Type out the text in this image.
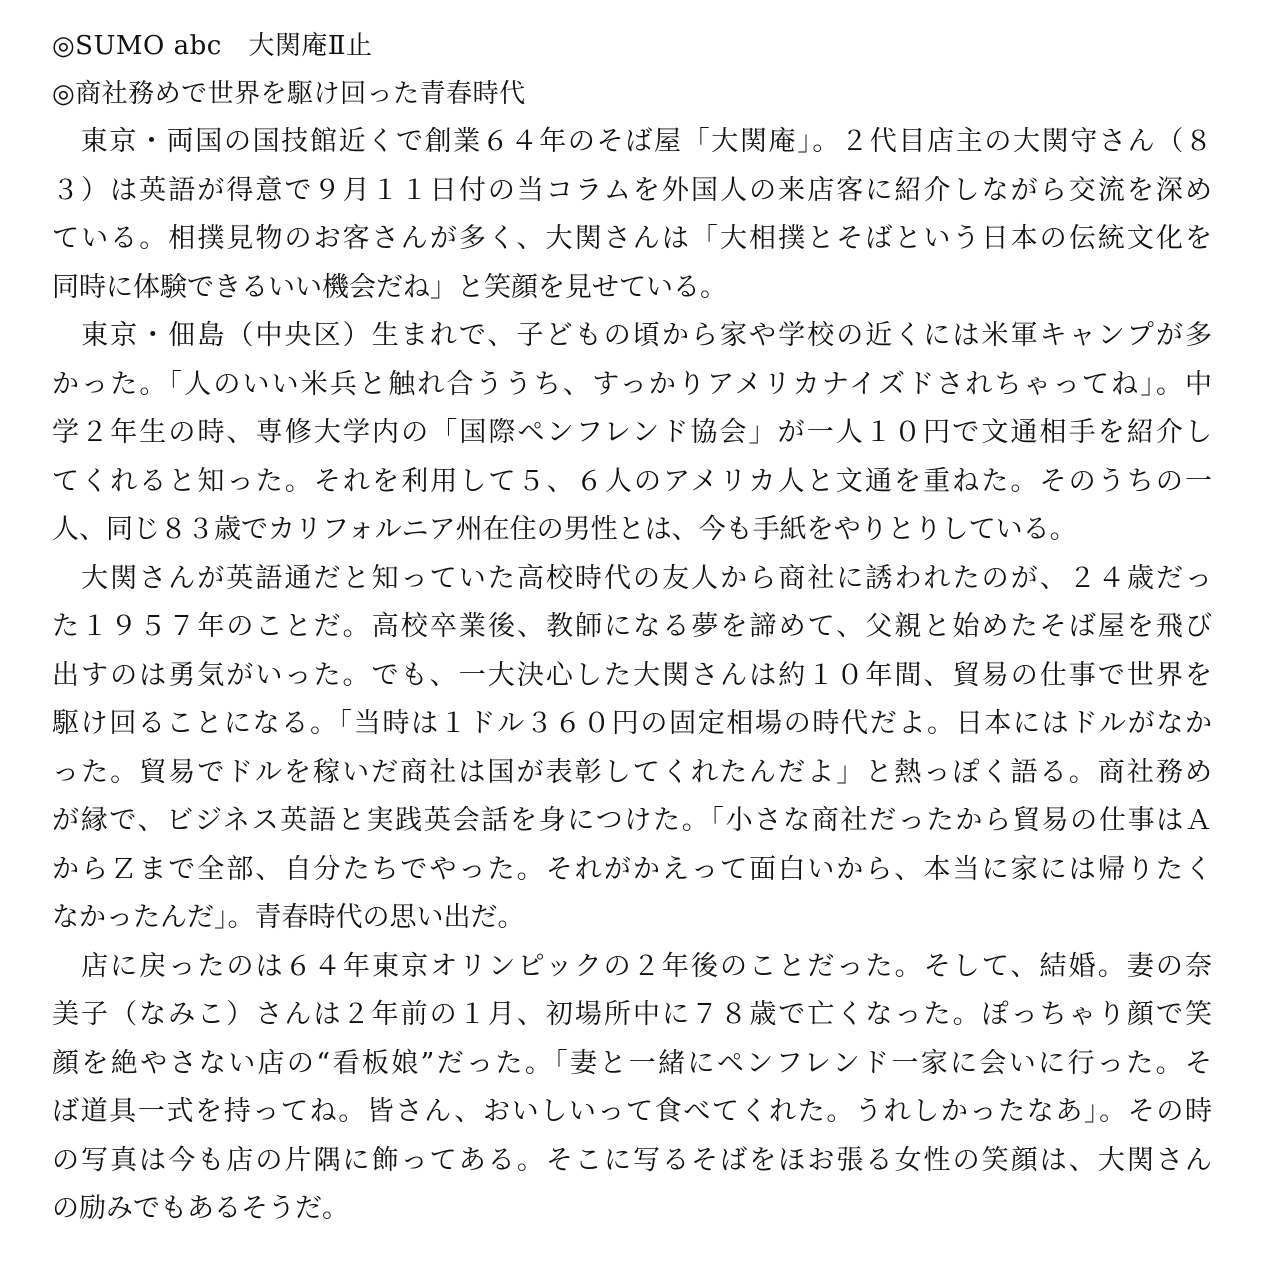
◎SUMO abc　大関庵Ⅱ止
◎商社務めで世界を駆け回った青春時代
　東京・両国の国技館近くで創業６４年のそば屋「大関庵」。２代目店主の大関守さん（８
３）は英語が得意で９月１１日付の当コラムを外国人の来店客に紹介しながら交流を深め
ている。相撲見物のお客さんが多く、大関さんは「大相撲とそばという日本の伝統文化を
同時に体験できるいい機会だね」と笑顔を見せている。
　東京・佃島（中央区）生まれで、子どもの頃から家や学校の近くには米軍キャンプが多
かった。「人のいい米兵と触れ合ううち、すっかりアメリカナイズドされちゃってね」。中
学２年生の時、専修大学内の「国際ペンフレンド協会」が一人１０円で文通相手を紹介し
てくれると知った。それを利用して５、６人のアメリカ人と文通を重ねた。そのうちの一
人、同じ８３歳でカリフォルニア州在住の男性とは、今も手紙をやりとりしている。
　大関さんが英語通だと知っていた高校時代の友人から商社に誘われたのが、２４歳だっ
た１９５７年のことだ。高校卒業後、教師になる夢を諦めて、父親と始めたそば屋を飛び
出すのは勇気がいった。でも、一大決心した大関さんは約１０年間、貿易の仕事で世界を
駆け回ることになる。「当時は１ドル３６０円の固定相場の時代だよ。日本にはドルがなか
った。貿易でドルを稼いだ商社は国が表彰してくれたんだよ」と熱っぽく語る。商社務め
が縁で、ビジネス英語と実践英会話を身につけた。「小さな商社だったから貿易の仕事はＡ
からＺまで全部、自分たちでやった。それがかえって面白いから、本当に家には帰りたく
なかったんだ」。青春時代の思い出だ。
　店に戻ったのは６４年東京オリンピックの２年後のことだった。そして、結婚。妻の奈
美子（なみこ）さんは２年前の１月、初場所中に７８歳で亡くなった。ぽっちゃり顔で笑
顔を絶やさない店の“看板娘”だった。「妻と一緒にペンフレンド一家に会いに行った。そ
ば道具一式を持ってね。皆さん、おいしいって食べてくれた。うれしかったなあ」。その時
の写真は今も店の片隅に飾ってある。そこに写るそばをほお張る女性の笑顔は、大関さん
の励みでもあるそうだ。
